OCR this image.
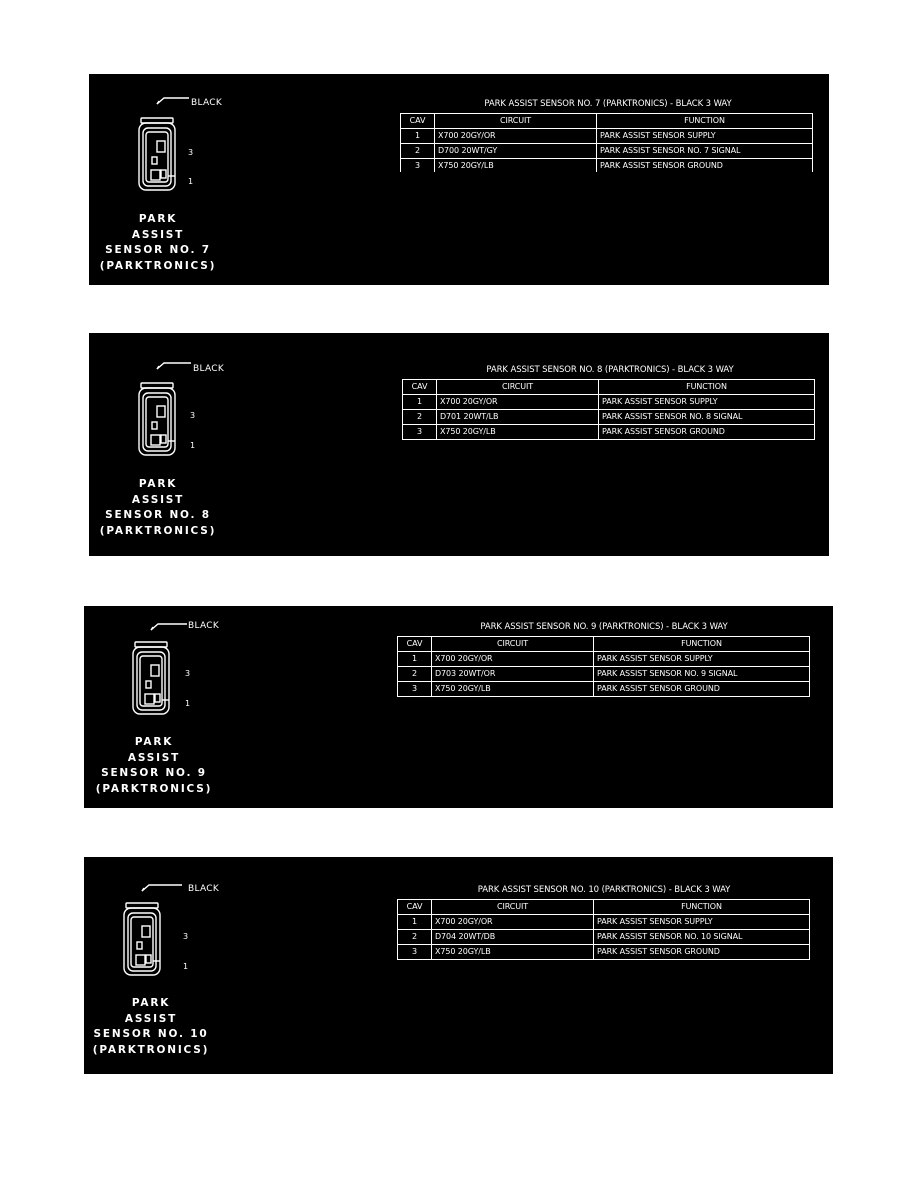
BLACK
3
1
PARK
ASSIST
SENSOR NO. 7
(PARKTRONICS)
PARK ASSIST SENSOR NO. 7 (PARKTRONICS) - BLACK 3 WAY
CAV	CIRCUIT	FUNCTION
1	X700 20GY/OR	PARK ASSIST SENSOR SUPPLY
2	D700 20WT/GY	PARK ASSIST SENSOR NO. 7 SIGNAL
3	X750 20GY/LB	PARK ASSIST SENSOR GROUND
BLACK
3
1
PARK
ASSIST
SENSOR NO. 8
(PARKTRONICS)
PARK ASSIST SENSOR NO. 8 (PARKTRONICS) - BLACK 3 WAY
CAV	CIRCUIT	FUNCTION
1	X700 20GY/OR	PARK ASSIST SENSOR SUPPLY
2	D701 20WT/LB	PARK ASSIST SENSOR NO. 8 SIGNAL
3	X750 20GY/LB	PARK ASSIST SENSOR GROUND
BLACK
3
1
PARK
ASSIST
SENSOR NO. 9
(PARKTRONICS)
PARK ASSIST SENSOR NO. 9 (PARKTRONICS) - BLACK 3 WAY
CAV	CIRCUIT	FUNCTION
1	X700 20GY/OR	PARK ASSIST SENSOR SUPPLY
2	D703 20WT/OR	PARK ASSIST SENSOR NO. 9 SIGNAL
3	X750 20GY/LB	PARK ASSIST SENSOR GROUND
BLACK
3
1
PARK
ASSIST
SENSOR NO. 10
(PARKTRONICS)
PARK ASSIST SENSOR NO. 10 (PARKTRONICS) - BLACK 3 WAY
CAV	CIRCUIT	FUNCTION
1	X700 20GY/OR	PARK ASSIST SENSOR SUPPLY
2	D704 20WT/DB	PARK ASSIST SENSOR NO. 10 SIGNAL
3	X750 20GY/LB	PARK ASSIST SENSOR GROUND
